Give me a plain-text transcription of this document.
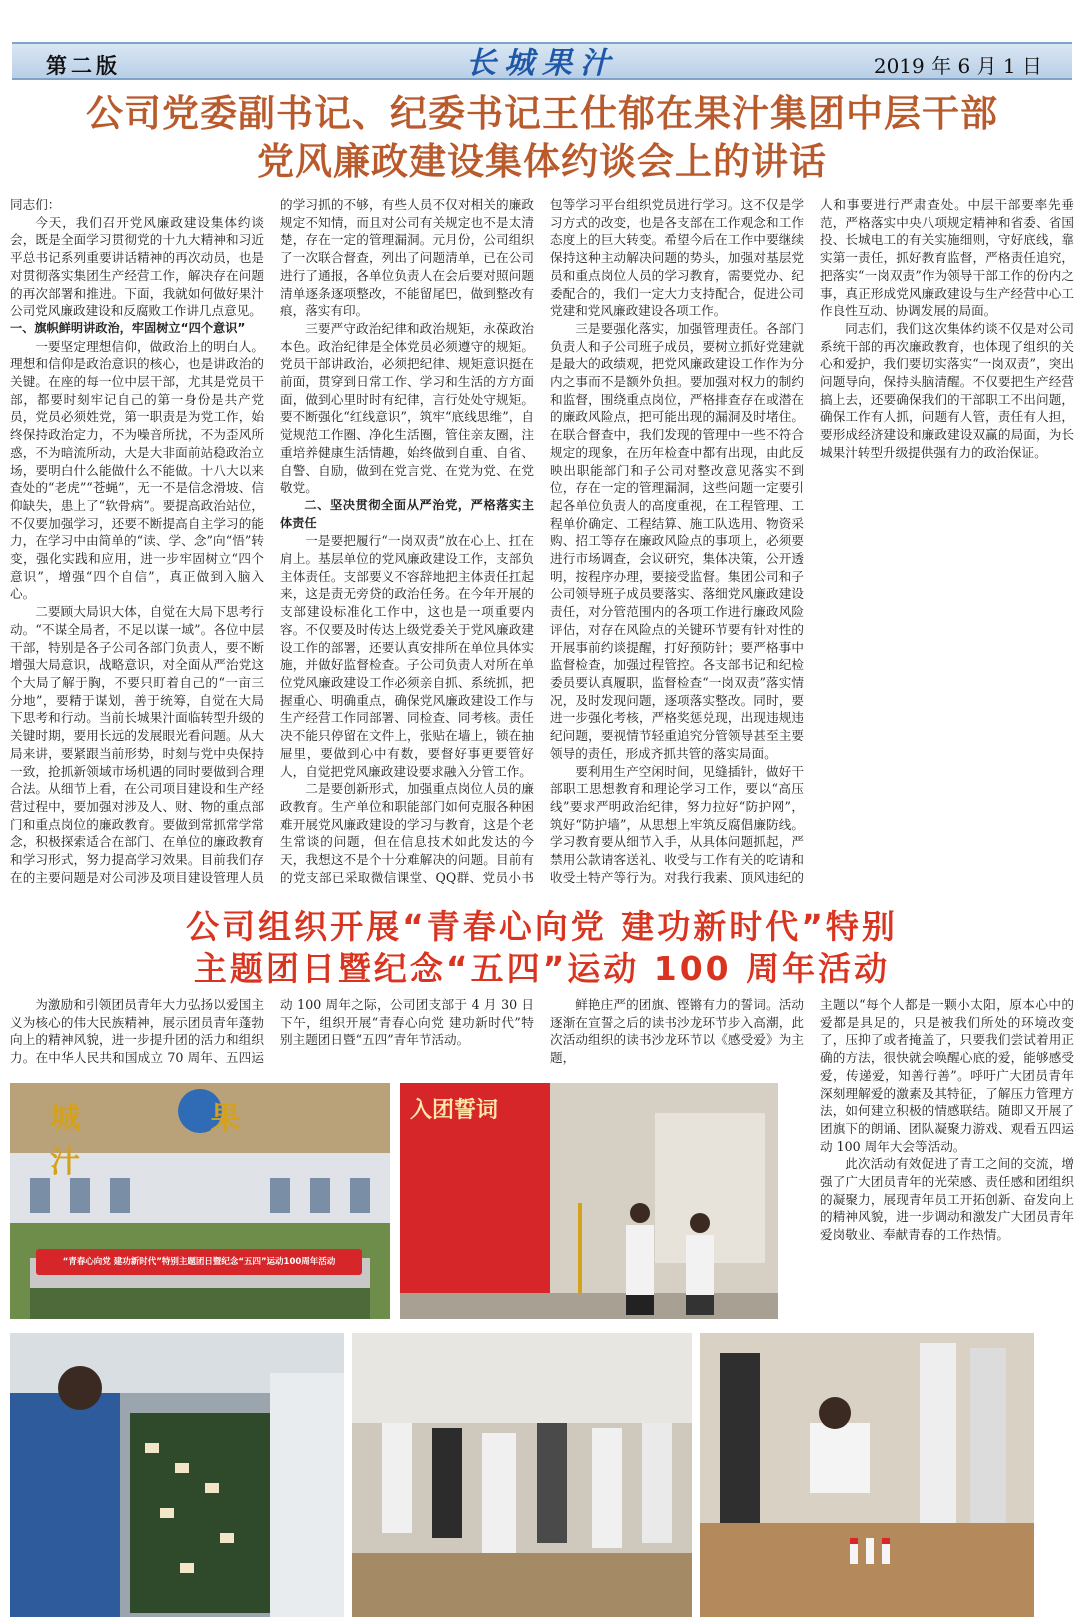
第二版	长城果汁	2019 年 6 月 1 日
公司党委副书记、纪委书记王仕郁在果汁集团中层干部
党风廉政建设集体约谈会上的讲话

同志们：

今天，我们召开党风廉政建设集体约谈会，既是全面学习贯彻党的十九大精神和习近平总书记系列重要讲话精神的再次动员，也是对贯彻落实集团生产经营工作，解决存在问题的再次部署和推进。下面，我就如何做好果汁公司党风廉政建设和反腐败工作讲几点意见。

一、旗帜鲜明讲政治，牢固树立“四个意识”

一要坚定理想信仰，做政治上的明白人。理想和信仰是政治意识的核心，也是讲政治的关键。在座的每一位中层干部，尤其是党员干部，都要时刻牢记自己的第一身份是共产党员，党员必须姓党，第一职责是为党工作，始终保持政治定力，不为噪音所扰，不为歪风所惑，不为暗流所动，大是大非面前站稳政治立场，要明白什么能做什么不能做。十八大以来查处的“老虎”“苍蝇”，无一不是信念滑坡、信仰缺失，患上了“软骨病”。要提高政治站位，不仅要加强学习，还要不断提高自主学习的能力，在学习中由简单的“读、学、念”向“悟”转变，强化实践和应用，进一步牢固树立“四个意识”，增强“四个自信”，真正做到入脑入心。

二要顾大局识大体，自觉在大局下思考行动。“不谋全局者，不足以谋一域”。各位中层干部，特别是各子公司各部门负责人，要不断增强大局意识，战略意识，对全面从严治党这个大局了解于胸，不要只盯着自己的“一亩三分地”，要精于谋划，善于统筹，自觉在大局下思考和行动。当前长城果汁面临转型升级的关键时期，要用长远的发展眼光看问题。从大局来讲，要紧跟当前形势，时刻与党中央保持一致，抢抓新领域市场机遇的同时要做到合理合法。从细节上看，在公司项目建设和生产经营过程中，要加强对涉及人、财、物的重点部门和重点岗位的廉政教育。要做到常抓常学常念，积极探索适合在部门、在单位的廉政教育和学习形式，努力提高学习效果。目前我们存在的主要问题是对公司涉及项目建设管理人员的学习抓的不够，有些人员不仅对相关的廉政规定不知情，而且对公司有关规定也不是太清楚，存在一定的管理漏洞。元月份，公司组织了一次联合督查，列出了问题清单，已在公司进行了通报，各单位负责人在会后要对照问题清单逐条逐项整改，不能留尾巴，做到整改有痕，落实有印。

三要严守政治纪律和政治规矩，永葆政治本色。政治纪律是全体党员必须遵守的规矩。党员干部讲政治，必须把纪律、规矩意识挺在前面，贯穿到日常工作、学习和生活的方方面面，做到心里时时有纪律，言行处处守规矩。要不断强化“红线意识”，筑牢“底线思维”，自觉规范工作圈、净化生活圈，管住亲友圈，注重培养健康生活情趣，始终做到自重、自省、自警、自励，做到在党言党、在党为党、在党敬党。

二、坚决贯彻全面从严治党，严格落实主体责任

一是要把履行“一岗双责”放在心上、扛在肩上。基层单位的党风廉政建设工作，支部负主体责任。支部要义不容辞地把主体责任扛起来，这是责无旁贷的政治任务。在今年开展的支部建设标准化工作中，这也是一项重要内容。不仅要及时传达上级党委关于党风廉政建设工作的部署，还要认真安排所在单位具体实施，并做好监督检查。子公司负责人对所在单位党风廉政建设工作必须亲自抓、系统抓，把握重心、明确重点，确保党风廉政建设工作与生产经营工作同部署、同检查、同考核。责任决不能只停留在文件上，张贴在墙上，锁在抽屉里，要做到心中有数，要督好事更要管好人，自觉把党风廉政建设要求融入分管工作。

二是要创新形式，加强重点岗位人员的廉政教育。生产单位和职能部门如何克服各种困难开展党风廉政建设的学习与教育，这是个老生常谈的问题，但在信息技术如此发达的今天，我想这不是个十分难解决的问题。目前有的党支部已采取微信课堂、QQ群、党员小书包等学习平台组织党员进行学习。这不仅是学习方式的改变，也是各支部在工作观念和工作态度上的巨大转变。希望今后在工作中要继续保持这种主动解决问题的势头，加强对基层党员和重点岗位人员的学习教育，需要党办、纪委配合的，我们一定大力支持配合，促进公司党建和党风廉政建设各项工作。

三是要强化落实，加强管理责任。各部门负责人和子公司班子成员，要树立抓好党建就是最大的政绩观，把党风廉政建设工作作为分内之事而不是额外负担。要加强对权力的制约和监督，围绕重点岗位，严格排查存在或潜在的廉政风险点，把可能出现的漏洞及时堵住。在联合督查中，我们发现的管理中一些不符合规定的现象，在历年检查中都有出现，由此反映出职能部门和子公司对整改意见落实不到位，存在一定的管理漏洞，这些问题一定要引起各单位负责人的高度重视，在工程管理、工程单价确定、工程结算、施工队选用、物资采购、招工等存在廉政风险点的事项上，必须要进行市场调查，会议研究，集体决策，公开透明，按程序办理，要接受监督。集团公司和子公司领导班子成员要落实、落细党风廉政建设责任，对分管范围内的各项工作进行廉政风险评估，对存在风险点的关键环节要有针对性的开展事前约谈提醒，打好预防针；要严格事中监督检查，加强过程管控。各支部书记和纪检委员要认真履职，监督检查“一岗双责”落实情况，及时发现问题，逐项落实整改。同时，要进一步强化考核，严格奖惩兑现，出现违规违纪问题，要视情节轻重追究分管领导甚至主要领导的责任，形成齐抓共管的落实局面。

要利用生产空闲时间，见缝插针，做好干部职工思想教育和理论学习工作，要以“高压线”要求严明政治纪律，努力拉好“防护网”，筑好“防护墙”，从思想上牢筑反腐倡廉防线。学习教育要从细节入手，从具体问题抓起，严禁用公款请客送礼、收受与工作有关的吃请和收受土特产等行为。对我行我素、顶风违纪的人和事要进行严肃查处。中层干部要率先垂范，严格落实中央八项规定精神和省委、省国投、长城电工的有关实施细则，守好底线，靠实第一责任，抓好教育监督，严格责任追究，把落实“一岗双责”作为领导干部工作的份内之事，真正形成党风廉政建设与生产经营中心工作良性互动、协调发展的局面。

同志们，我们这次集体约谈不仅是对公司系统干部的再次廉政教育，也体现了组织的关心和爱护，我们要切实落实“一岗双责”，突出问题导向，保持头脑清醒。不仅要把生产经营搞上去，还要确保我们的干部职工不出问题，确保工作有人抓，问题有人管，责任有人担，要形成经济建设和廉政建设双赢的局面，为长城果汁转型升级提供强有力的政治保证。

公司组织开展“青春心向党 建功新时代”特别
主题团日暨纪念“五四”运动 100 周年活动

为激励和引领团员青年大力弘扬以爱国主义为核心的伟大民族精神，展示团员青年蓬勃向上的精神风貌，进一步提升团的活力和组织力。在中华人民共和国成立 70 周年、五四运动 100 周年之际，公司团支部于 4 月 30 日下午，组织开展“青春心向党 建功新时代”特别主题团日暨“五四”青年节活动。

鲜艳庄严的团旗、铿锵有力的誓词。活动逐渐在宣誓之后的读书沙龙环节步入高潮，此次活动组织的读书沙龙环节以《感受爱》为主题，

主题以“每个人都是一颗小太阳，原本心中的爱都是具足的，只是被我们所处的环境改变了，压抑了或者掩盖了，只要我们尝试着用正确的方法，很快就会唤醒心底的爱，能够感受爱，传递爱，知善行善”。呼吁广大团员青年深刻理解爱的激素及其特征，了解压力管理方法，如何建立积极的情感联结。随即又开展了团旗下的朗诵、团队凝聚力游戏、观看五四运动 100 周年大会等活动。

此次活动有效促进了青工之间的交流，增强了广大团员青年的光荣感、责任感和团组织的凝聚力，展现青年员工开拓创新、奋发向上的精神风貌，进一步调动和激发广大团员青年爱岗敬业、奉献青春的工作热情。

城 果 汁
“青春心向党 建功新时代”特别主题团日暨纪念“五四”运动100周年活动
入团誓词
